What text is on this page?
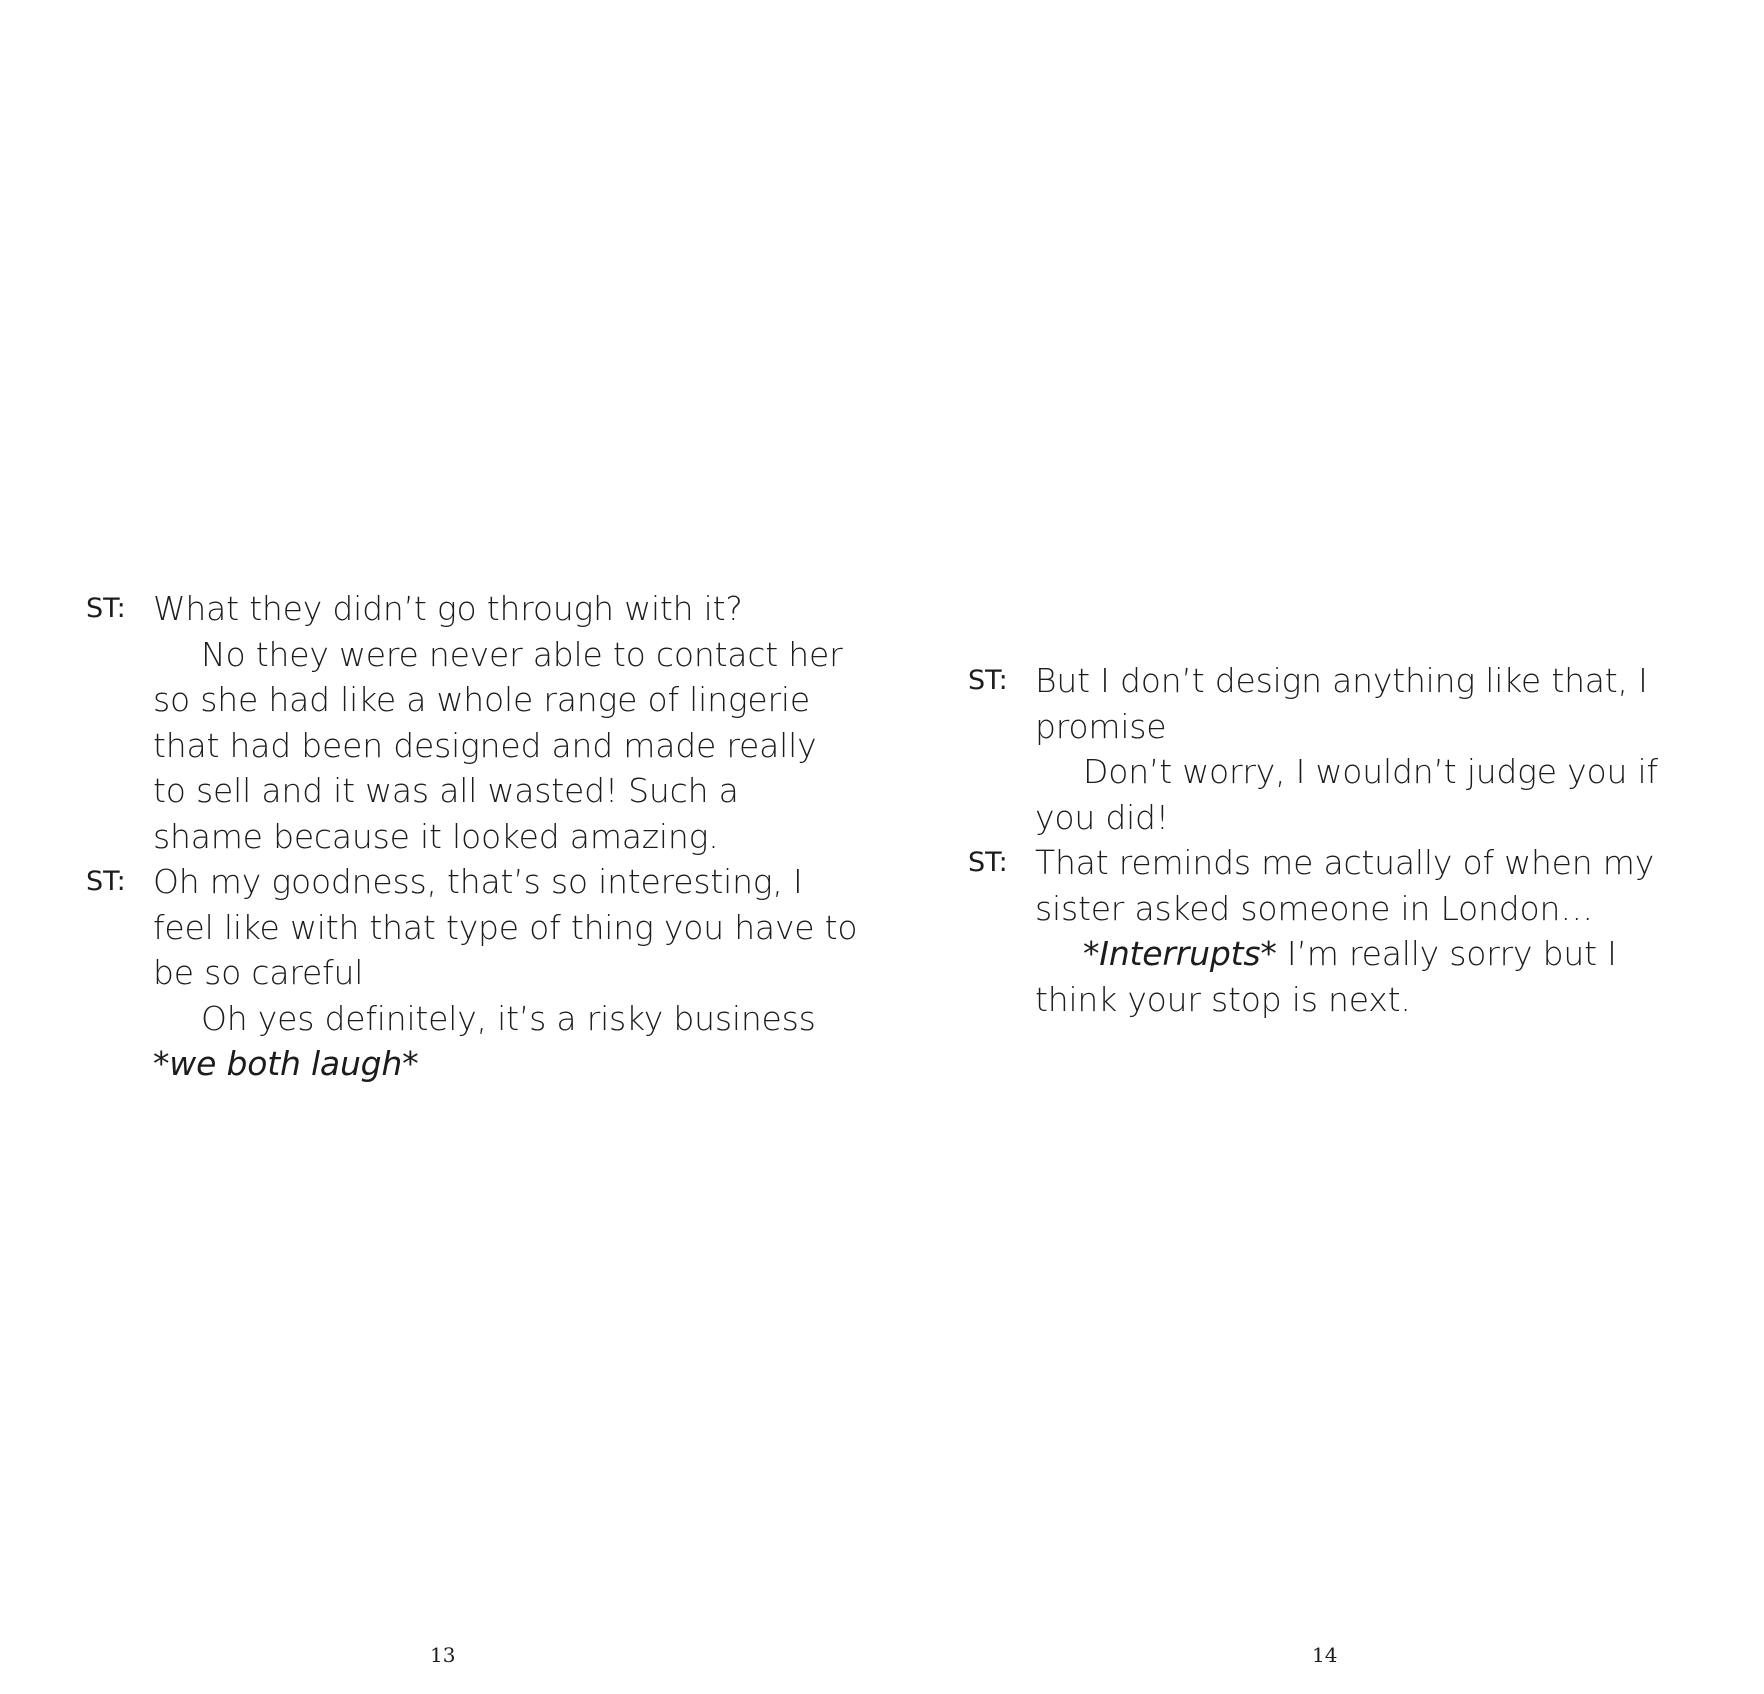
ST: What they didn’t go through with it?
No they were never able to contact her
so she had like a whole range of lingerie
that had been designed and made really
to sell and it was all wasted! Such a
shame because it looked amazing.
ST: Oh my goodness, that’s so interesting, I
feel like with that type of thing you have to
be so careful
Oh yes definitely, it’s a risky business
*we both laugh*
13
ST: But I don’t design anything like that, I
promise
Don’t worry, I wouldn’t judge you if
you did!
ST: That reminds me actually of when my
sister asked someone in London…
*Interrupts* I’m really sorry but I
think your stop is next.
14
